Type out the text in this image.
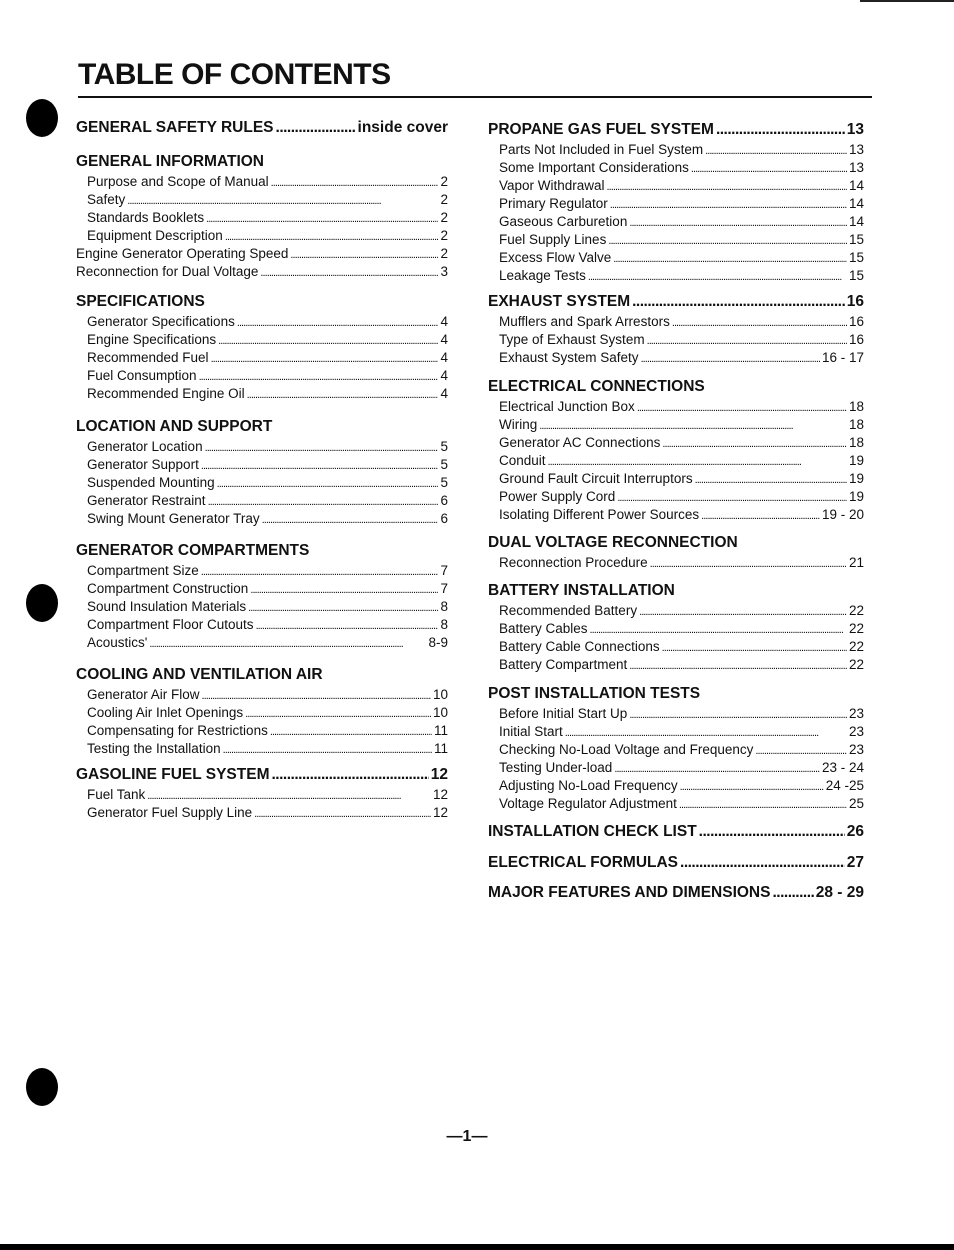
TABLE OF CONTENTS
GENERAL SAFETY RULES .....	inside cover
GENERAL INFORMATION
Purpose and Scope of Manual . . .	2
Safety . . .	2
Standards Booklets . . .	2
Equipment Description . . .	2
Engine Generator Operating Speed . . .	2
Reconnection for Dual Voltage . . .	3
SPECIFICATIONS
Generator Specifications . . .	4
Engine Specifications . . .	4
Recommended Fuel . . .	4
Fuel Consumption . . .	4
Recommended Engine Oil . . .	4
LOCATION AND SUPPORT
Generator Location . . .	5
Generator Support . . .	5
Suspended Mounting . . .	5
Generator Restraint . . .	6
Swing Mount Generator Tray . . .	6
GENERATOR COMPARTMENTS
Compartment Size . . .	7
Compartment Construction . . .	7
Sound Insulation Materials . . .	8
Compartment Floor Cutouts . . .	8
Acoustics' . . .	8-9
COOLING AND VENTILATION AIR
Generator Air Flow . . .	10
Cooling Air Inlet Openings . . .	10
Compensating for Restrictions . . .	11
Testing the Installation . . .	11
GASOLINE FUEL SYSTEM .....	12
Fuel Tank . . .	12
Generator Fuel Supply Line . . .	12
PROPANE GAS FUEL SYSTEM .....	13
Parts Not Included in Fuel System . . .	13
Some Important Considerations . . .	13
Vapor Withdrawal . . .	14
Primary Regulator . . .	14
Gaseous Carburetion . . .	14
Fuel Supply Lines . . .	15
Excess Flow Valve . . .	15
Leakage Tests . . .	15
EXHAUST SYSTEM .....	16
Mufflers and Spark Arrestors . . .	16
Type of Exhaust System . . .	16
Exhaust System Safety . . .	16 - 17
ELECTRICAL CONNECTIONS
Electrical Junction Box . . .	18
Wiring . . .	18
Generator AC Connections . . .	18
Conduit . . .	19
Ground Fault Circuit Interruptors . . .	19
Power Supply Cord . . .	19
Isolating Different Power Sources . . .	19 - 20
DUAL VOLTAGE RECONNECTION
Reconnection Procedure . . .	21
BATTERY INSTALLATION
Recommended Battery . . .	22
Battery Cables . . .	22
Battery Cable Connections . . .	22
Battery Compartment . . .	22
POST INSTALLATION TESTS
Before Initial Start Up . . .	23
Initial Start . . .	23
Checking No-Load Voltage and Frequency . . .	23
Testing Under-load . . .	23 - 24
Adjusting No-Load Frequency . . .	24 -25
Voltage Regulator Adjustment . . .	25
INSTALLATION CHECK LIST .....	26
ELECTRICAL FORMULAS .....	27
MAJOR FEATURES AND DIMENSIONS .....	28 - 29
—1—
